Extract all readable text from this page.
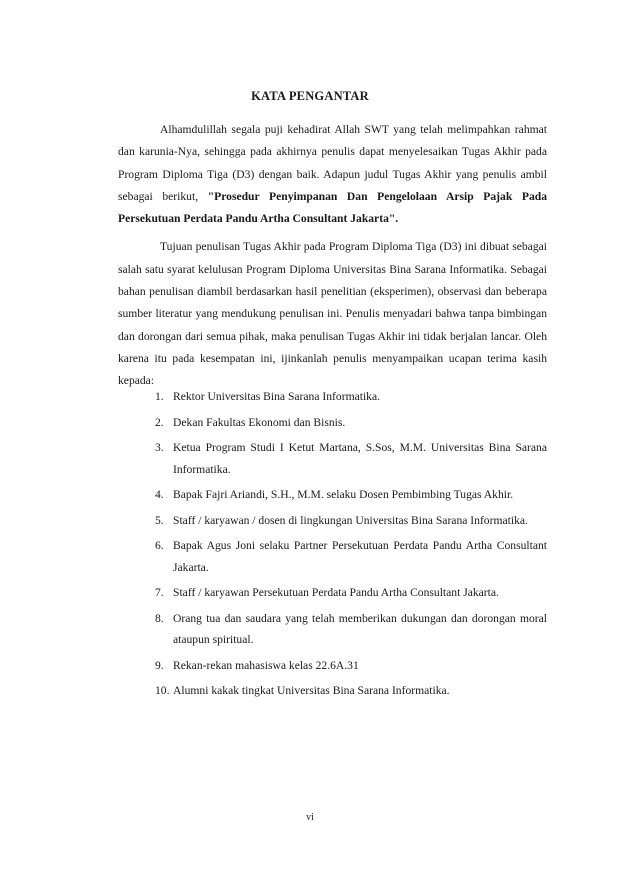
KATA PENGANTAR

Alhamdulillah segala puji kehadirat Allah SWT yang telah melimpahkan rahmat dan karunia-Nya, sehingga pada akhirnya penulis dapat menyelesaikan Tugas Akhir pada Program Diploma Tiga (D3) dengan baik. Adapun judul Tugas Akhir yang penulis ambil sebagai berikut, "Prosedur Penyimpanan Dan Pengelolaan Arsip Pajak Pada Persekutuan Perdata Pandu Artha Consultant Jakarta".

Tujuan penulisan Tugas Akhir pada Program Diploma Tiga (D3) ini dibuat sebagai salah satu syarat kelulusan Program Diploma Universitas Bina Sarana Informatika. Sebagai bahan penulisan diambil berdasarkan hasil penelitian (eksperimen), observasi dan beberapa sumber literatur yang mendukung penulisan ini. Penulis menyadari bahwa tanpa bimbingan dan dorongan dari semua pihak, maka penulisan Tugas Akhir ini tidak berjalan lancar. Oleh karena itu pada kesempatan ini, ijinkanlah penulis menyampaikan ucapan terima kasih kepada:

1. Rektor Universitas Bina Sarana Informatika.
2. Dekan Fakultas Ekonomi dan Bisnis.
3. Ketua Program Studi I Ketut Martana, S.Sos, M.M. Universitas Bina Sarana Informatika.
4. Bapak Fajri Ariandi, S.H., M.M. selaku Dosen Pembimbing Tugas Akhir.
5. Staff / karyawan / dosen di lingkungan Universitas Bina Sarana Informatika.
6. Bapak Agus Joni selaku Partner Persekutuan Perdata Pandu Artha Consultant Jakarta.
7. Staff / karyawan Persekutuan Perdata Pandu Artha Consultant Jakarta.
8. Orang tua dan saudara yang telah memberikan dukungan dan dorongan moral ataupun spiritual.
9. Rekan-rekan mahasiswa kelas 22.6A.31
10. Alumni kakak tingkat Universitas Bina Sarana Informatika.
vi
